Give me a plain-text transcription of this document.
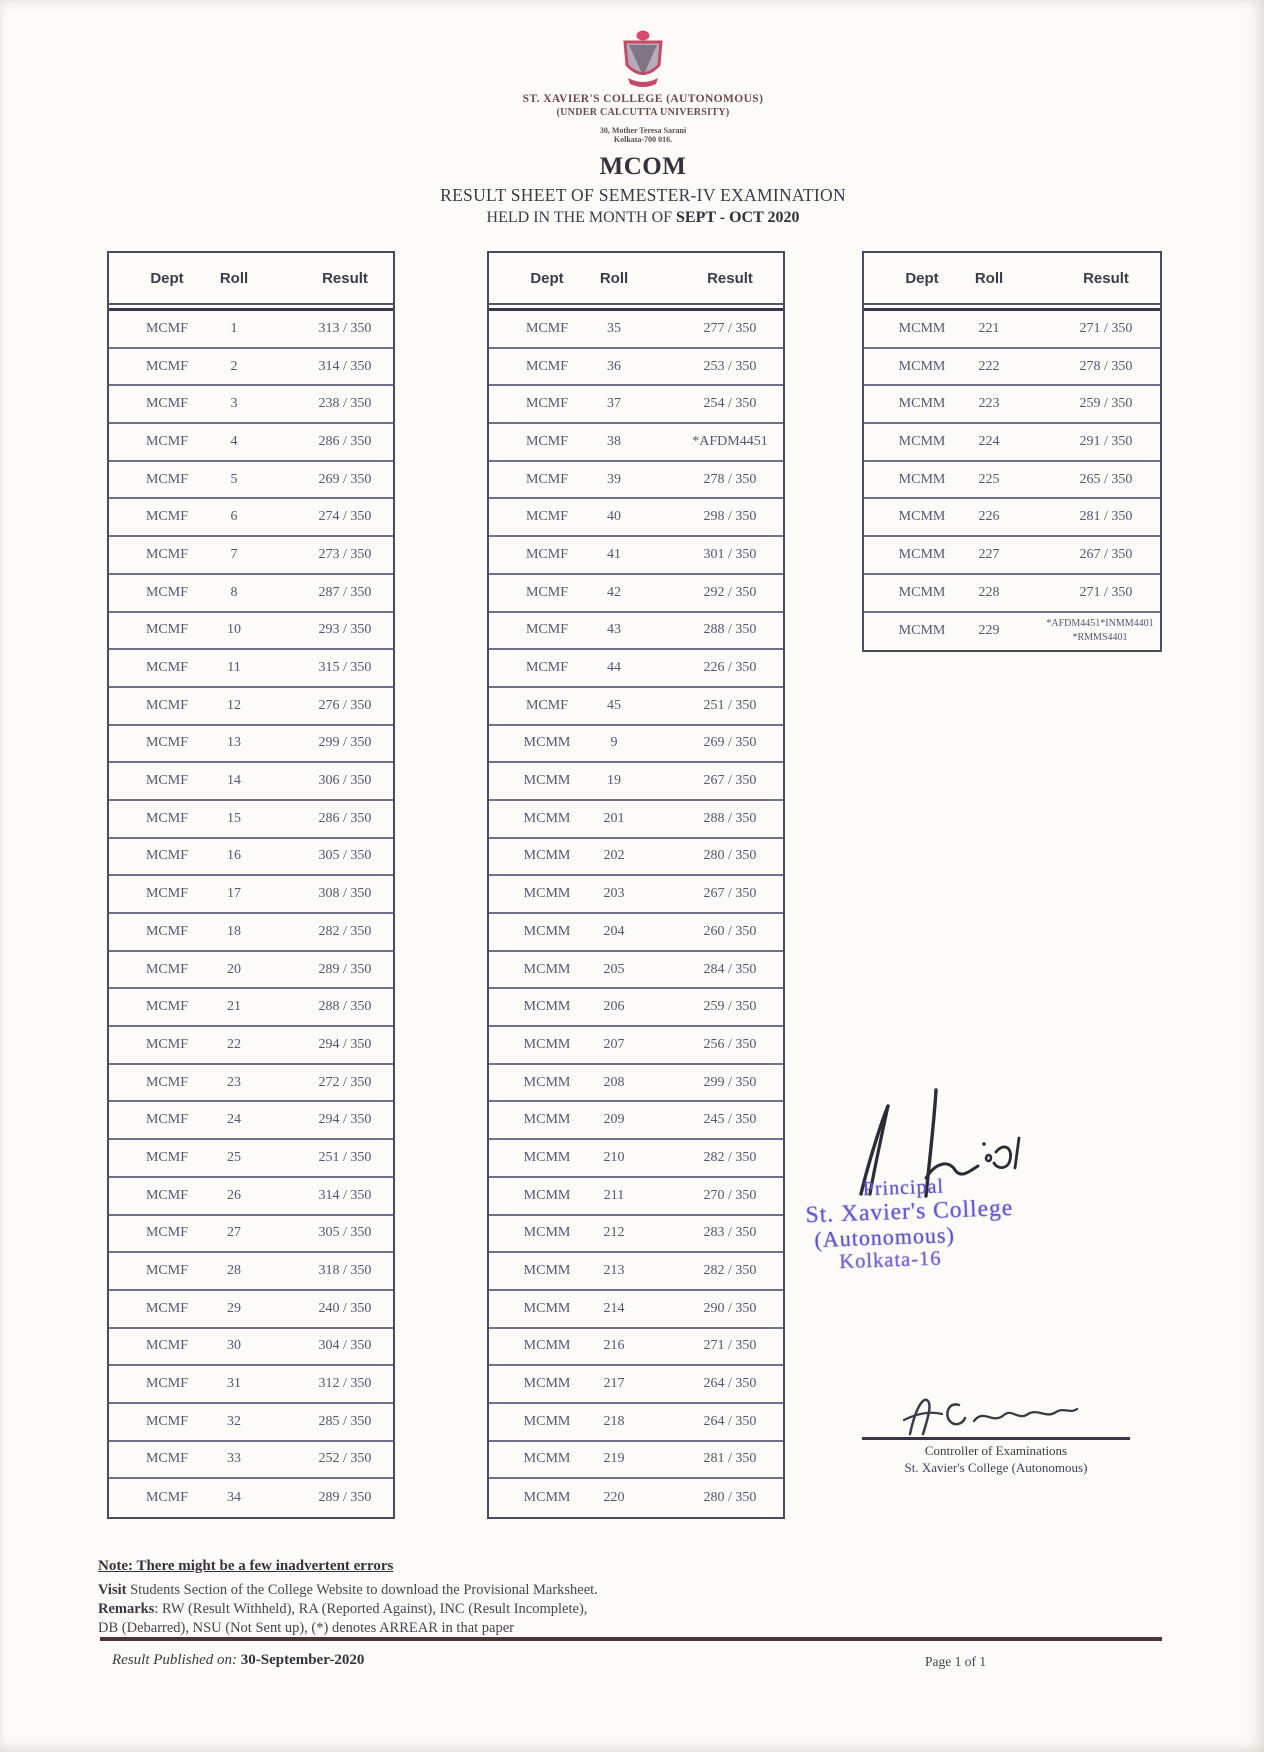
ST. XAVIER'S COLLEGE (AUTONOMOUS)
(UNDER CALCUTTA UNIVERSITY)
30, Mother Teresa Sarani
Kolkata-700 016.
MCOM
RESULT SHEET OF SEMESTER-IV EXAMINATION
HELD IN THE MONTH OF SEPT - OCT 2020
Dept	Roll	Result
MCMF	1	313 / 350
MCMF	2	314 / 350
MCMF	3	238 / 350
MCMF	4	286 / 350
MCMF	5	269 / 350
MCMF	6	274 / 350
MCMF	7	273 / 350
MCMF	8	287 / 350
MCMF	10	293 / 350
MCMF	11	315 / 350
MCMF	12	276 / 350
MCMF	13	299 / 350
MCMF	14	306 / 350
MCMF	15	286 / 350
MCMF	16	305 / 350
MCMF	17	308 / 350
MCMF	18	282 / 350
MCMF	20	289 / 350
MCMF	21	288 / 350
MCMF	22	294 / 350
MCMF	23	272 / 350
MCMF	24	294 / 350
MCMF	25	251 / 350
MCMF	26	314 / 350
MCMF	27	305 / 350
MCMF	28	318 / 350
MCMF	29	240 / 350
MCMF	30	304 / 350
MCMF	31	312 / 350
MCMF	32	285 / 350
MCMF	33	252 / 350
MCMF	34	289 / 350
Dept	Roll	Result
MCMF	35	277 / 350
MCMF	36	253 / 350
MCMF	37	254 / 350
MCMF	38	*AFDM4451
MCMF	39	278 / 350
MCMF	40	298 / 350
MCMF	41	301 / 350
MCMF	42	292 / 350
MCMF	43	288 / 350
MCMF	44	226 / 350
MCMF	45	251 / 350
MCMM	9	269 / 350
MCMM	19	267 / 350
MCMM	201	288 / 350
MCMM	202	280 / 350
MCMM	203	267 / 350
MCMM	204	260 / 350
MCMM	205	284 / 350
MCMM	206	259 / 350
MCMM	207	256 / 350
MCMM	208	299 / 350
MCMM	209	245 / 350
MCMM	210	282 / 350
MCMM	211	270 / 350
MCMM	212	283 / 350
MCMM	213	282 / 350
MCMM	214	290 / 350
MCMM	216	271 / 350
MCMM	217	264 / 350
MCMM	218	264 / 350
MCMM	219	281 / 350
MCMM	220	280 / 350
Dept	Roll	Result
MCMM	221	271 / 350
MCMM	222	278 / 350
MCMM	223	259 / 350
MCMM	224	291 / 350
MCMM	225	265 / 350
MCMM	226	281 / 350
MCMM	227	267 / 350
MCMM	228	271 / 350
MCMM	229	*AFDM4451*INMM4401*RMMS4401
Principal
St. Xavier's College
(Autonomous)
Kolkata-16
Controller of Examinations
St. Xavier's College (Autonomous)
Note: There might be a few inadvertent errors
Visit Students Section of the College Website to download the Provisional Marksheet.
Remarks: RW (Result Withheld), RA (Reported Against), INC (Result Incomplete),
DB (Debarred), NSU (Not Sent up), (*) denotes ARREAR in that paper
Result Published on: 30-September-2020	Page 1 of 1
